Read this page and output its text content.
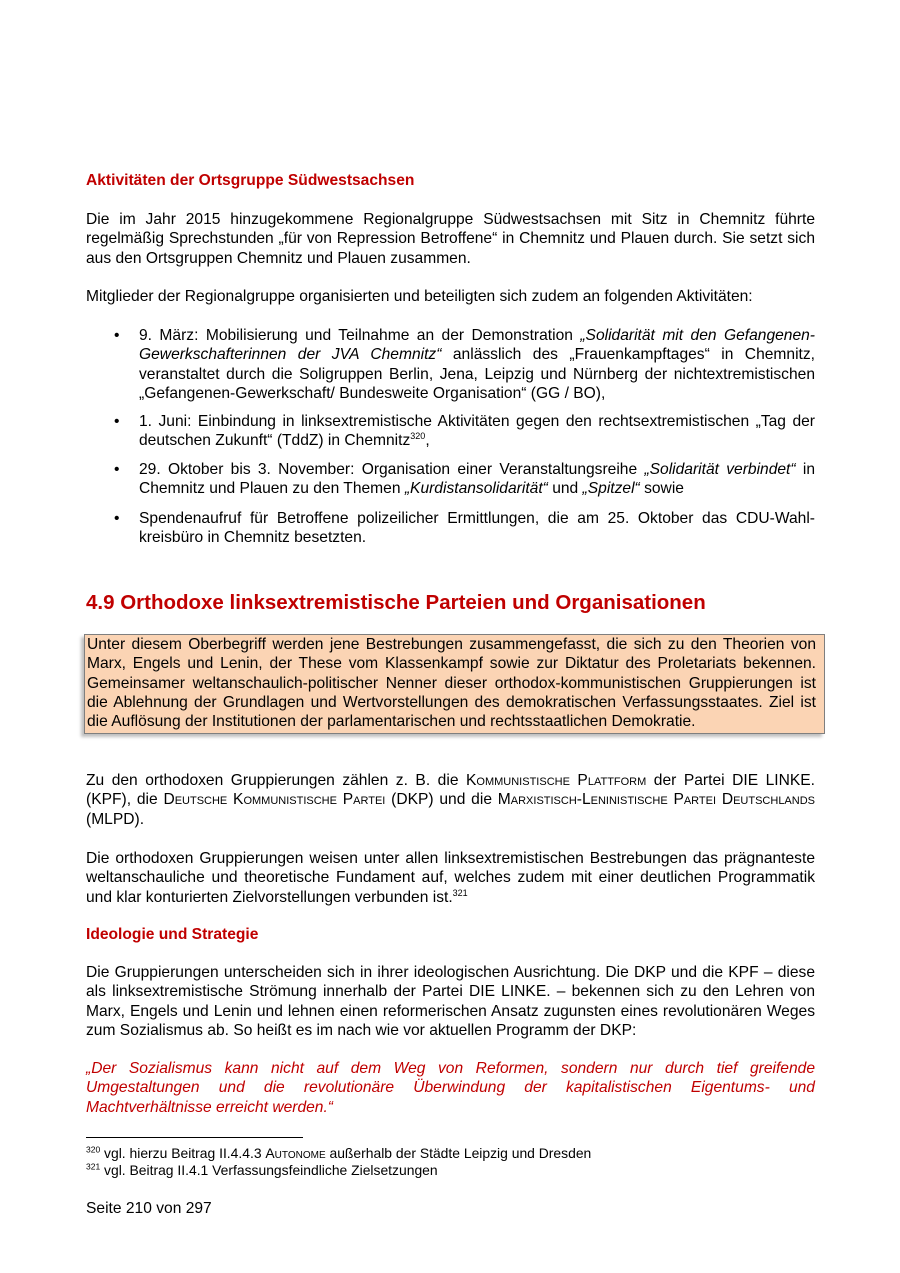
Aktivitäten der Ortsgruppe Südwestsachsen

Die im Jahr 2015 hinzugekommene Regionalgruppe Südwestsachsen mit Sitz in Chemnitz führte regelmäßig Sprechstunden „für von Repression Betroffene“ in Chemnitz und Plauen durch. Sie setzt sich aus den Ortsgruppen Chemnitz und Plauen zusammen.

Mitglieder der Regionalgruppe organisierten und beteiligten sich zudem an folgenden Aktivitäten:

• 9. März: Mobilisierung und Teilnahme an der Demonstration „Solidarität mit den Gefangenen-Gewerkschafterinnen der JVA Chemnitz“ anlässlich des „Frauenkampftages“ in Chemnitz, veranstaltet durch die Soligruppen Berlin, Jena, Leipzig und Nürnberg der nichtextremistischen „Gefangenen-Gewerkschaft/ Bundesweite Organisation“ (GG / BO),
• 1. Juni: Einbindung in linksextremistische Aktivitäten gegen den rechtsextremistischen „Tag der deutschen Zukunft“ (TddZ) in Chemnitz$^{320}$,
• 29. Oktober bis 3. November: Organisation einer Veranstaltungsreihe „Solidarität verbindet“ in Chemnitz und Plauen zu den Themen „Kurdistansolidarität“ und „Spitzel“ sowie
• Spendenaufruf für Betroffene polizeilicher Ermittlungen, die am 25. Oktober das CDU-Wahlkreisbüro in Chemnitz besetzten.
4.9 Orthodoxe linksextremistische Parteien und Organisationen

Unter diesem Oberbegriff werden jene Bestrebungen zusammengefasst, die sich zu den Theorien von Marx, Engels und Lenin, der These vom Klassenkampf sowie zur Diktatur des Proletariats bekennen. Gemeinsamer weltanschaulich-politischer Nenner dieser orthodox-kommunistischen Gruppierungen ist die Ablehnung der Grundlagen und Wertvorstellungen des demokratischen Verfassungsstaates. Ziel ist die Auflösung der Institutionen der parlamentarischen und rechtsstaatlichen Demokratie.

Zu den orthodoxen Gruppierungen zählen z. B. die Kommunistische Plattform der Partei DIE LINKE. (KPF), die Deutsche Kommunistische Partei (DKP) und die Marxistisch-Leninistische Partei Deutschlands (MLPD).

Die orthodoxen Gruppierungen weisen unter allen linksextremistischen Bestrebungen das prägnanteste weltanschauliche und theoretische Fundament auf, welches zudem mit einer deutlichen Programmatik und klar konturierten Zielvorstellungen verbunden ist.$^{321}$

Ideologie und Strategie

Die Gruppierungen unterscheiden sich in ihrer ideologischen Ausrichtung. Die DKP und die KPF – diese als linksextremistische Strömung innerhalb der Partei DIE LINKE. – bekennen sich zu den Lehren von Marx, Engels und Lenin und lehnen einen reformerischen Ansatz zugunsten eines revolutionären Weges zum Sozialismus ab. So heißt es im nach wie vor aktuellen Programm der DKP:

„Der Sozialismus kann nicht auf dem Weg von Reformen, sondern nur durch tief greifende Umgestaltungen und die revolutionäre Überwindung der kapitalistischen Eigentums- und Machtverhältnisse erreicht werden.“

$^{320}$ vgl. hierzu Beitrag II.4.4.3 Autonome außerhalb der Städte Leipzig und Dresden

$^{321}$ vgl. Beitrag II.4.1 Verfassungsfeindliche Zielsetzungen

Seite 210 von 297
